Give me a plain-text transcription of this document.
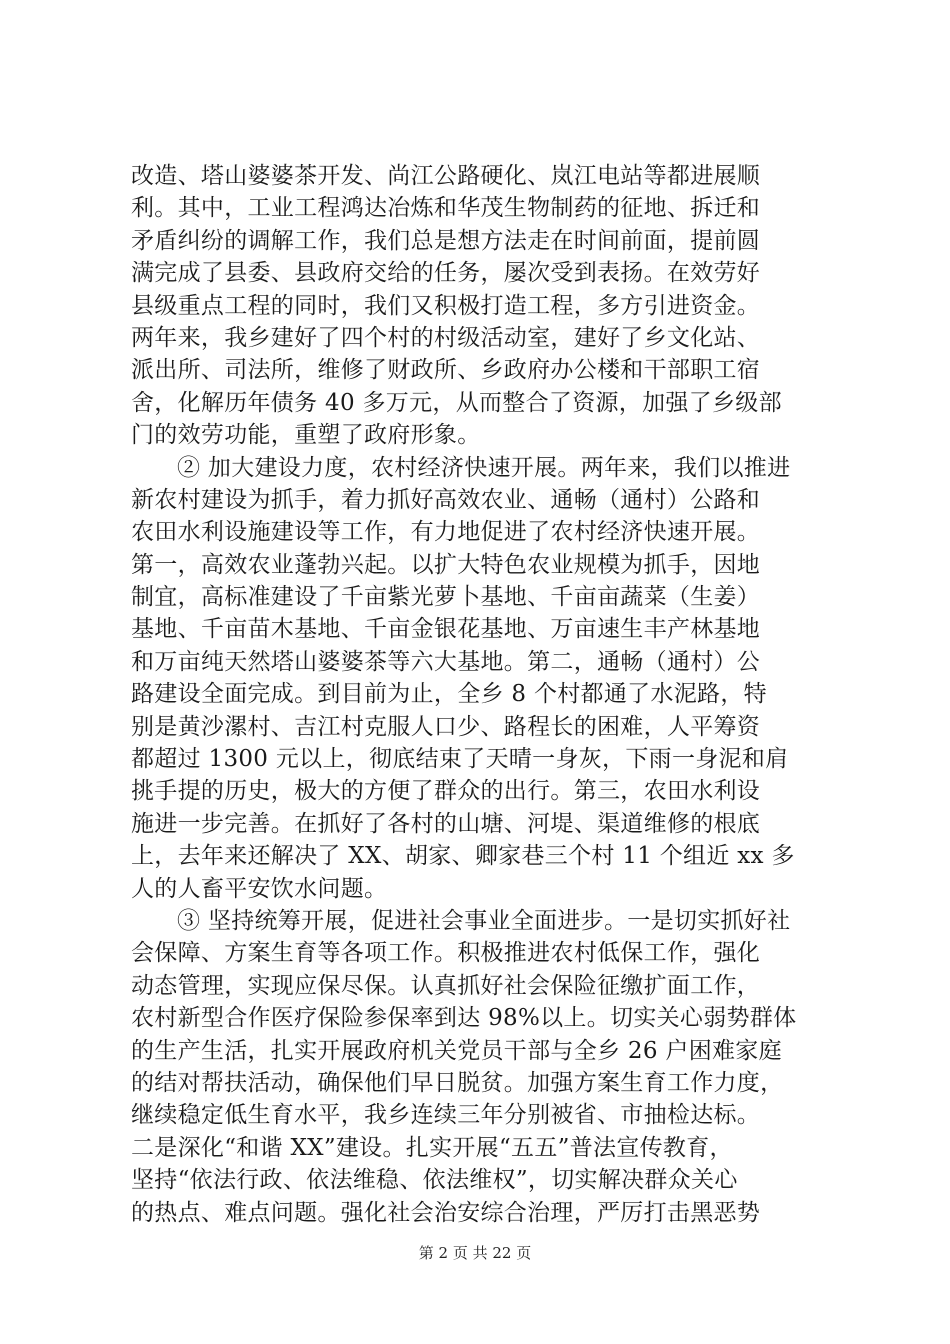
改造、塔山婆婆茶开发、尚江公路硬化、岚江电站等都进展顺
利。其中，工业工程鸿达冶炼和华茂生物制药的征地、拆迁和
矛盾纠纷的调解工作，我们总是想方法走在时间前面，提前圆
满完成了县委、县政府交给的任务，屡次受到表扬。在效劳好
县级重点工程的同时，我们又积极打造工程，多方引进资金。
两年来，我乡建好了四个村的村级活动室，建好了乡文化站、
派出所、司法所，维修了财政所、乡政府办公楼和干部职工宿
舍，化解历年债务 40 多万元，从而整合了资源，加强了乡级部
门的效劳功能，重塑了政府形象。
② 加大建设力度，农村经济快速开展。两年来，我们以推进
新农村建设为抓手，着力抓好高效农业、通畅（通村）公路和
农田水利设施建设等工作，有力地促进了农村经济快速开展。
第一，高效农业蓬勃兴起。以扩大特色农业规模为抓手，因地
制宜，高标准建设了千亩紫光萝卜基地、千亩亩蔬菜（生姜）
基地、千亩苗木基地、千亩金银花基地、万亩速生丰产林基地
和万亩纯天然塔山婆婆茶等六大基地。第二，通畅（通村）公
路建设全面完成。到目前为止，全乡 8 个村都通了水泥路，特
别是黄沙漯村、吉江村克服人口少、路程长的困难，人平筹资
都超过 1300 元以上，彻底结束了天晴一身灰，下雨一身泥和肩
挑手提的历史，极大的方便了群众的出行。第三，农田水利设
施进一步完善。在抓好了各村的山塘、河堤、渠道维修的根底
上，去年来还解决了 XX、胡家、卿家巷三个村 11 个组近 xx 多
人的人畜平安饮水问题。
③ 坚持统筹开展，促进社会事业全面进步。一是切实抓好社
会保障、方案生育等各项工作。积极推进农村低保工作，强化
动态管理，实现应保尽保。认真抓好社会保险征缴扩面工作，
农村新型合作医疗保险参保率到达 98%以上。切实关心弱势群体
的生产生活，扎实开展政府机关党员干部与全乡 26 户困难家庭
的结对帮扶活动，确保他们早日脱贫。加强方案生育工作力度，
继续稳定低生育水平，我乡连续三年分别被省、市抽检达标。
二是深化“和谐 XX”建设。扎实开展“五五”普法宣传教育，
坚持“依法行政、依法维稳、依法维权”，切实解决群众关心
的热点、难点问题。强化社会治安综合治理，严厉打击黑恶势
第 2 页 共 22 页
